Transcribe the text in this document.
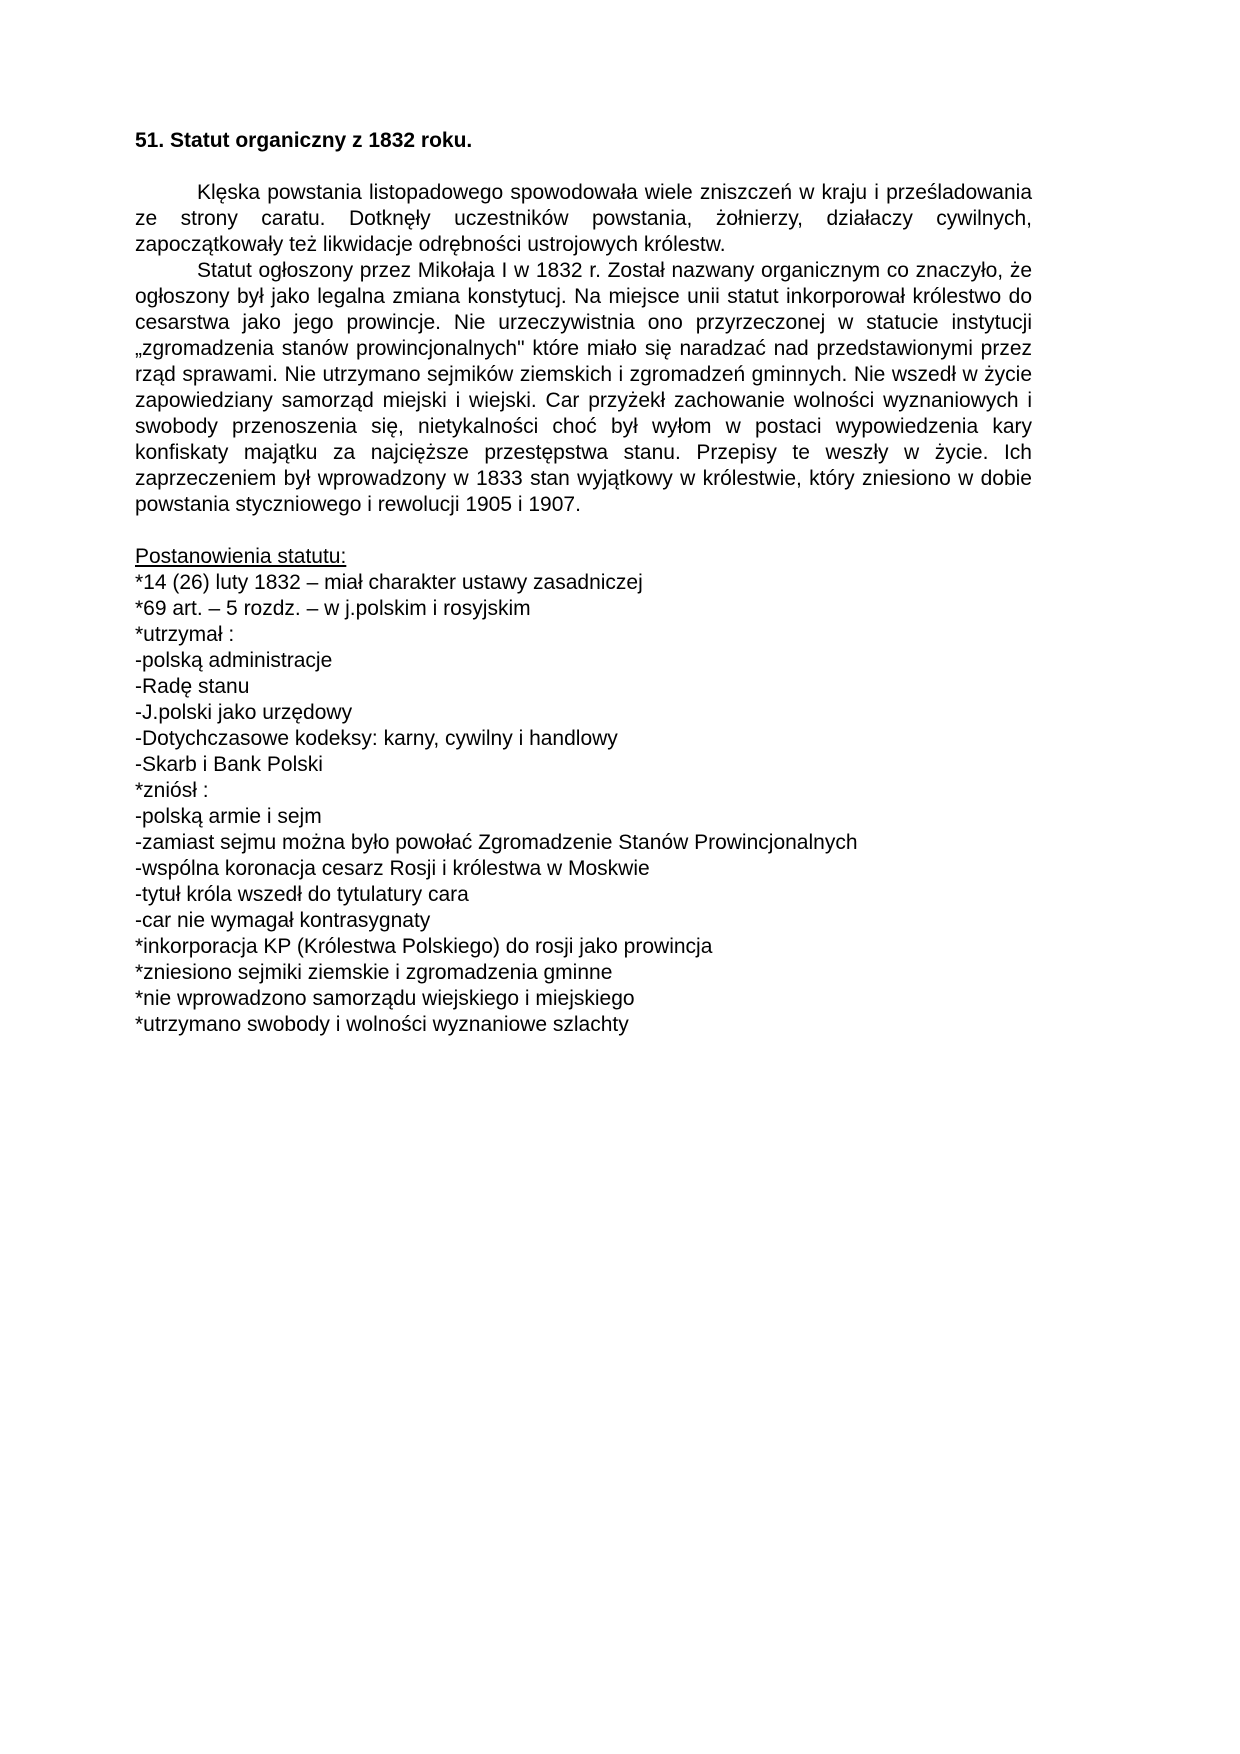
51. Statut organiczny z 1832 roku.

Klęska powstania listopadowego spowodowała wiele zniszczeń w kraju i prześladowania ze strony caratu. Dotknęły uczestników powstania, żołnierzy, działaczy cywilnych, zapoczątkowały też likwidacje odrębności ustrojowych królestw.

Statut ogłoszony przez Mikołaja I w 1832 r. Został nazwany organicznym co znaczyło, że ogłoszony był jako legalna zmiana konstytucj. Na miejsce unii statut inkorporował królestwo do cesarstwa jako jego prowincje. Nie urzeczywistnia ono przyrzeczonej w statucie instytucji „zgromadzenia stanów prowincjonalnych" które miało się naradzać nad przedstawionymi przez rząd sprawami. Nie utrzymano sejmików ziemskich i zgromadzeń gminnych. Nie wszedł w życie zapowiedziany samorząd miejski i wiejski. Car przyżekł zachowanie wolności wyznaniowych i swobody przenoszenia się, nietykalności choć był wyłom w postaci wypowiedzenia kary konfiskaty majątku za najcięższe przestępstwa stanu. Przepisy te weszły w życie. Ich zaprzeczeniem był wprowadzony w 1833 stan wyjątkowy w królestwie, który zniesiono w dobie powstania styczniowego i rewolucji 1905 i 1907.

Postanowienia statutu:

*14 (26) luty 1832 – miał charakter ustawy zasadniczej

*69 art. – 5 rozdz. – w j.polskim i rosyjskim

*utrzymał :

-polską administracje

-Radę stanu

-J.polski jako urzędowy

-Dotychczasowe kodeksy: karny, cywilny i handlowy

-Skarb i Bank Polski

*zniósł :

-polską armie i sejm

-zamiast sejmu można było powołać Zgromadzenie Stanów Prowincjonalnych

-wspólna koronacja cesarz Rosji i królestwa w Moskwie

-tytuł króla wszedł do tytulatury cara

-car nie wymagał kontrasygnaty

*inkorporacja KP (Królestwa Polskiego) do rosji jako prowincja

*zniesiono sejmiki ziemskie i zgromadzenia gminne

*nie wprowadzono samorządu wiejskiego i miejskiego

*utrzymano swobody i wolności wyznaniowe szlachty
